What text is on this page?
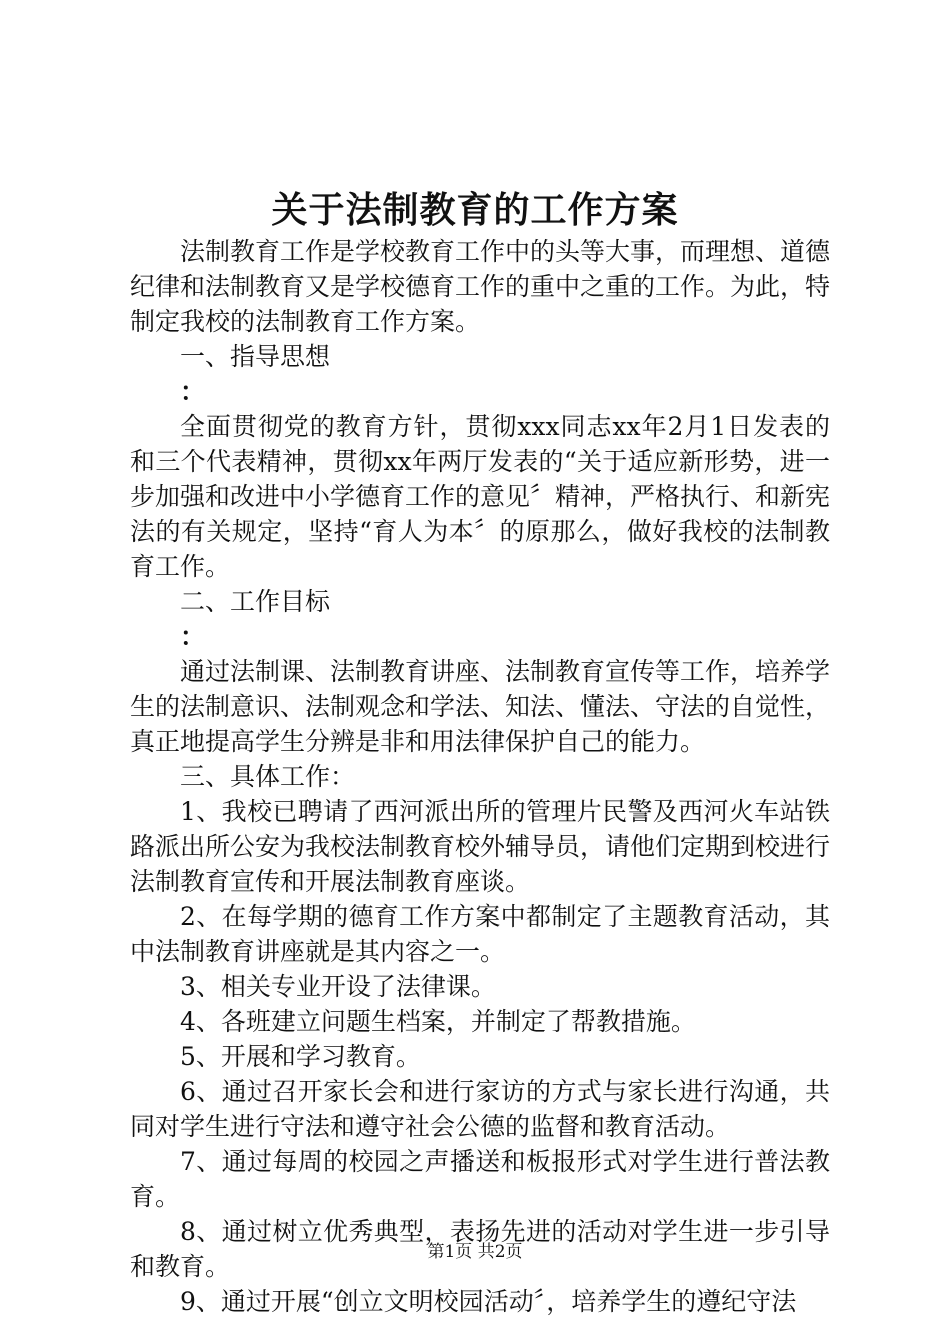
关于法制教育的工作方案

法制教育工作是学校教育工作中的头等大事，而理想、道德纪律和法制教育又是学校德育工作的重中之重的工作。为此，特制定我校的法制教育工作方案。

一、指导思想

：

全面贯彻党的教育方针，贯彻xxx同志xx年2月1日发表的和三个代表精神，贯彻xx年两厅发表的“关于适应新形势，进一步加强和改进中小学德育工作的意见〞精神，严格执行、和新宪法的有关规定，坚持“育人为本〞的原那么，做好我校的法制教育工作。

二、工作目标

：

通过法制课、法制教育讲座、法制教育宣传等工作，培养学生的法制意识、法制观念和学法、知法、懂法、守法的自觉性，真正地提高学生分辨是非和用法律保护自己的能力。

三、具体工作：

1、我校已聘请了西河派出所的管理片民警及西河火车站铁路派出所公安为我校法制教育校外辅导员，请他们定期到校进行法制教育宣传和开展法制教育座谈。

2、在每学期的德育工作方案中都制定了主题教育活动，其中法制教育讲座就是其内容之一。

3、相关专业开设了法律课。

4、各班建立问题生档案，并制定了帮教措施。

5、开展和学习教育。

6、通过召开家长会和进行家访的方式与家长进行沟通，共同对学生进行守法和遵守社会公德的监督和教育活动。

7、通过每周的校园之声播送和板报形式对学生进行普法教育。

8、通过树立优秀典型，表扬先进的活动对学生进一步引导和教育。

9、通过开展“创立文明校园活动〞，培养学生的遵纪守法

第1页 共2页
